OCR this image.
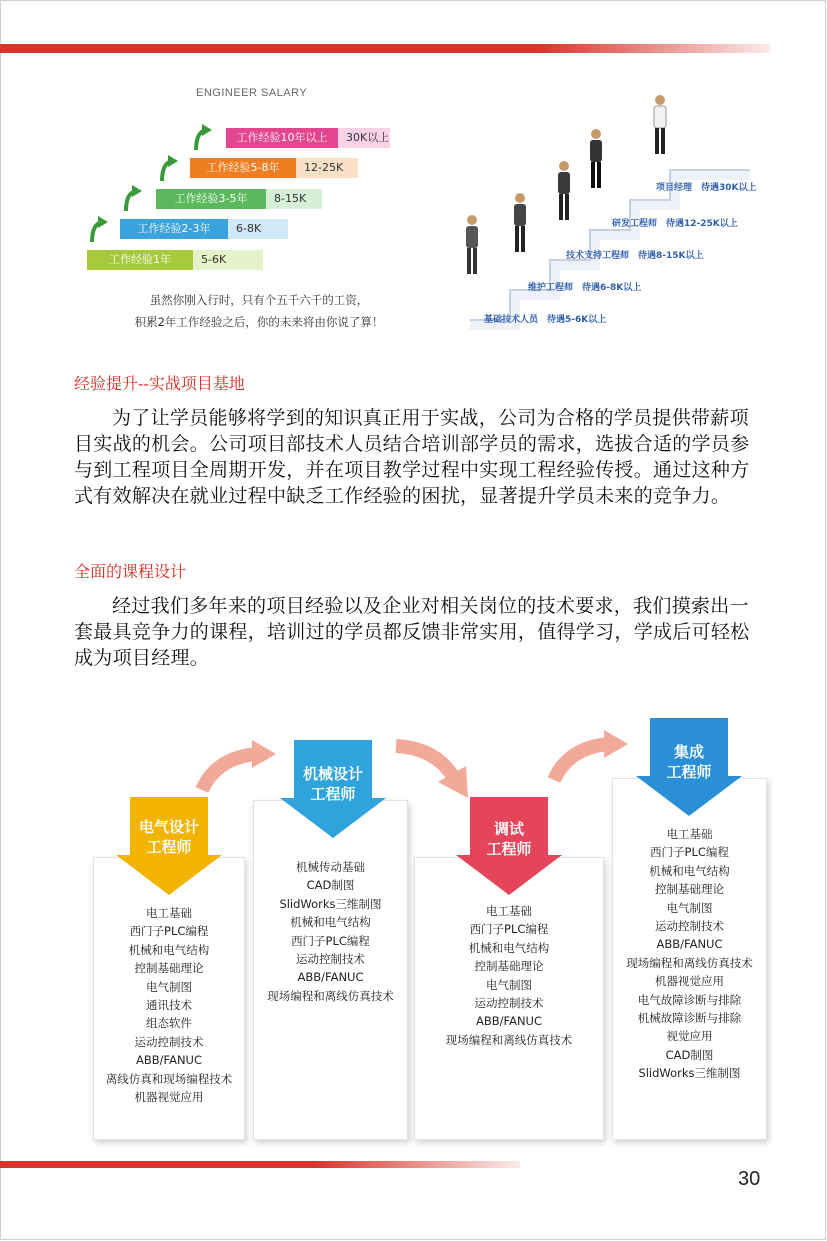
ENGINEER SALARY
工作经验1年	5-6K
工作经验2-3年	6-8K
工作经验3-5年	8-15K
工作经验5-8年	12-25K
工作经验10年以上	30K以上
虽然你刚入行时，只有个五千六千的工资，
积累2年工作经验之后，你的未来将由你说了算！	基础技术人员　待遇5-6K以上
维护工程师　待遇6-8K以上
技术支持工程师　待遇8-15K以上
研发工程师　待遇12-25K以上
项目经理　待遇30K以上
经验提升--实战项目基地
为了让学员能够将学到的知识真正用于实战，公司为合格的学员提供带薪项目实战的机会。公司项目部技术人员结合培训部学员的需求，选拔合适的学员参与到工程项目全周期开发，并在项目教学过程中实现工程经验传授。通过这种方式有效解决在就业过程中缺乏工作经验的困扰，显著提升学员未来的竞争力。
全面的课程设计
经过我们多年来的项目经验以及企业对相关岗位的技术要求，我们摸索出一套最具竞争力的课程，培训过的学员都反馈非常实用，值得学习，学成后可轻松成为项目经理。
电工基础
西门子PLC编程
机械和电气结构
控制基础理论
电气制图
通讯技术
组态软件
运动控制技术
ABB/FANUC
离线仿真和现场编程技术
机器视觉应用
电气设计
工程师
机械传动基础
CAD制图
SlidWorks三维制图
机械和电气结构
西门子PLC编程
运动控制技术
ABB/FANUC
现场编程和离线仿真技术
机械设计
工程师
电工基础
西门子PLC编程
机械和电气结构
控制基础理论
电气制图
运动控制技术
ABB/FANUC
现场编程和离线仿真技术
调试
工程师
电工基础
西门子PLC编程
机械和电气结构
控制基础理论
电气制图
运动控制技术
ABB/FANUC
现场编程和离线仿真技术
机器视觉应用
电气故障诊断与排除
机械故障诊断与排除
视觉应用
CAD制图
SlidWorks三维制图
集成
工程师
30
